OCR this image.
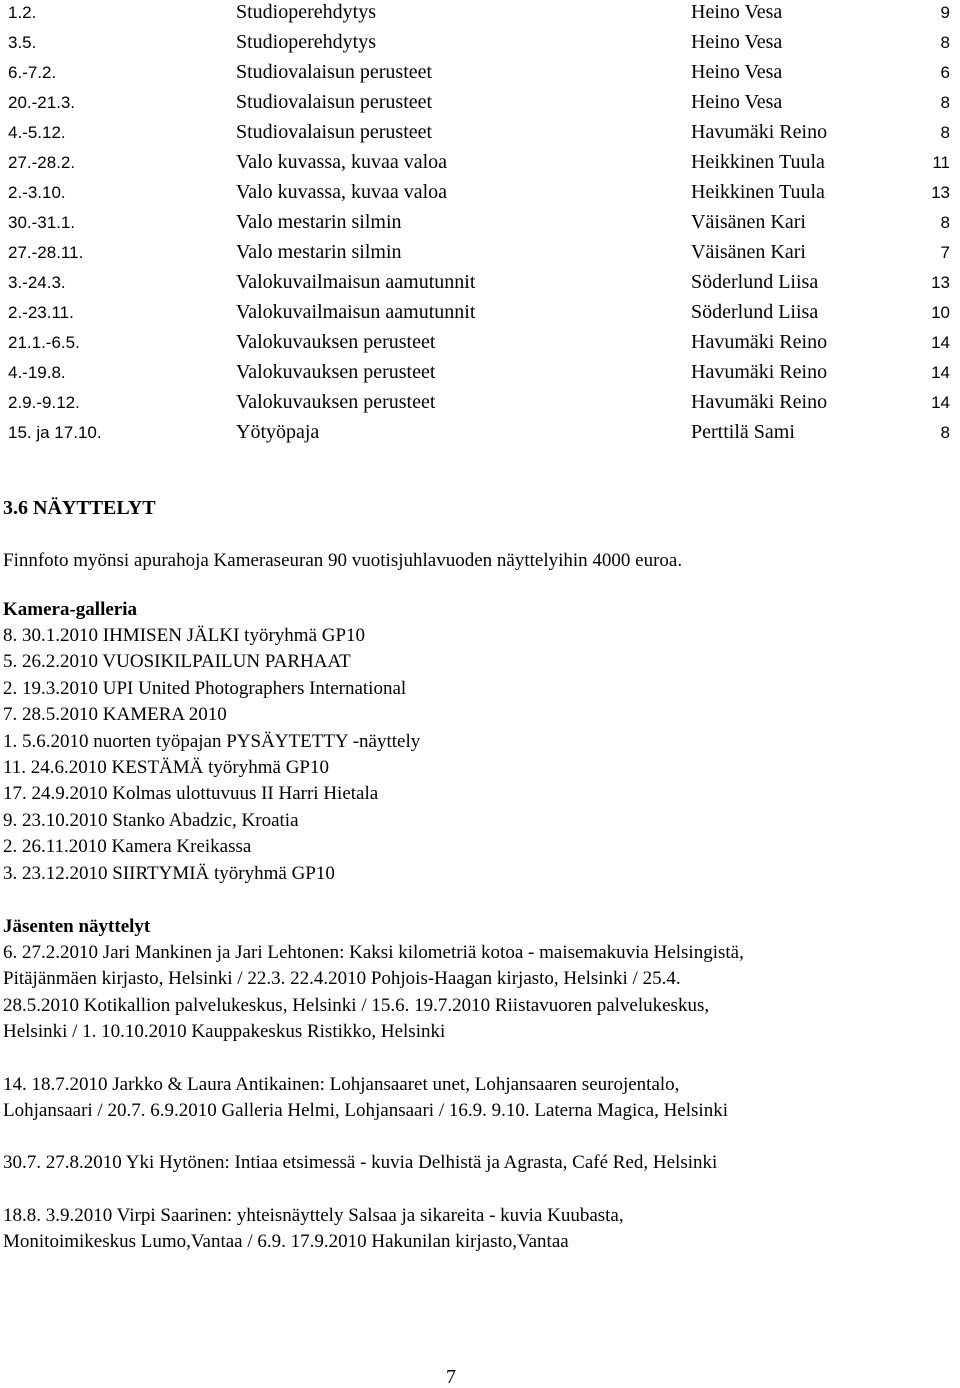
1.2.	Studioperehdytys	Heino Vesa	9
3.5.	Studioperehdytys	Heino Vesa	8
6.-7.2.	Studiovalaisun perusteet	Heino Vesa	6
20.-21.3.	Studiovalaisun perusteet	Heino Vesa	8
4.-5.12.	Studiovalaisun perusteet	Havumäki Reino	8
27.-28.2.	Valo kuvassa, kuvaa valoa	Heikkinen Tuula	11
2.-3.10.	Valo kuvassa, kuvaa valoa	Heikkinen Tuula	13
30.-31.1.	Valo mestarin silmin	Väisänen Kari	8
27.-28.11.	Valo mestarin silmin	Väisänen Kari	7
3.-24.3.	Valokuvailmaisun aamutunnit	Söderlund Liisa	13
2.-23.11.	Valokuvailmaisun aamutunnit	Söderlund Liisa	10
21.1.-6.5.	Valokuvauksen perusteet	Havumäki Reino	14
4.-19.8.	Valokuvauksen perusteet	Havumäki Reino	14
2.9.-9.12.	Valokuvauksen perusteet	Havumäki Reino	14
15. ja 17.10.	Yötyöpaja	Perttilä Sami	8
3.6 NÄYTTELYT
Finnfoto myönsi apurahoja Kameraseuran 90 vuotisjuhlavuoden näyttelyihin 4000 euroa.
Kamera-galleria
8. 30.1.2010 IHMISEN JÄLKI työryhmä GP10
5. 26.2.2010 VUOSIKILPAILUN PARHAAT
2. 19.3.2010 UPI United Photographers International
7. 28.5.2010 KAMERA 2010
1. 5.6.2010 nuorten työpajan PYSÄYTETTY -näyttely
11. 24.6.2010 KESTÄMÄ työryhmä GP10
17. 24.9.2010 Kolmas ulottuvuus II Harri Hietala
9. 23.10.2010 Stanko Abadzic, Kroatia
2. 26.11.2010 Kamera Kreikassa
3. 23.12.2010 SIIRTYMIÄ työryhmä GP10
Jäsenten näyttelyt

6. 27.2.2010 Jari Mankinen ja Jari Lehtonen: Kaksi kilometriä kotoa - maisemakuvia Helsingistä,

Pitäjänmäen kirjasto, Helsinki / 22.3. 22.4.2010 Pohjois-Haagan kirjasto, Helsinki / 25.4.

28.5.2010 Kotikallion palvelukeskus, Helsinki / 15.6. 19.7.2010 Riistavuoren palvelukeskus,

Helsinki / 1. 10.10.2010 Kauppakeskus Ristikko, Helsinki

14. 18.7.2010 Jarkko & Laura Antikainen: Lohjansaaret unet, Lohjansaaren seurojentalo,

Lohjansaari / 20.7. 6.9.2010 Galleria Helmi, Lohjansaari / 16.9. 9.10. Laterna Magica, Helsinki

30.7. 27.8.2010 Yki Hytönen: Intiaa etsimessä - kuvia Delhistä ja Agrasta, Café Red, Helsinki

18.8. 3.9.2010 Virpi Saarinen: yhteisnäyttely Salsaa ja sikareita - kuvia Kuubasta,

Monitoimikeskus Lumo,Vantaa / 6.9. 17.9.2010 Hakunilan kirjasto,Vantaa

7
